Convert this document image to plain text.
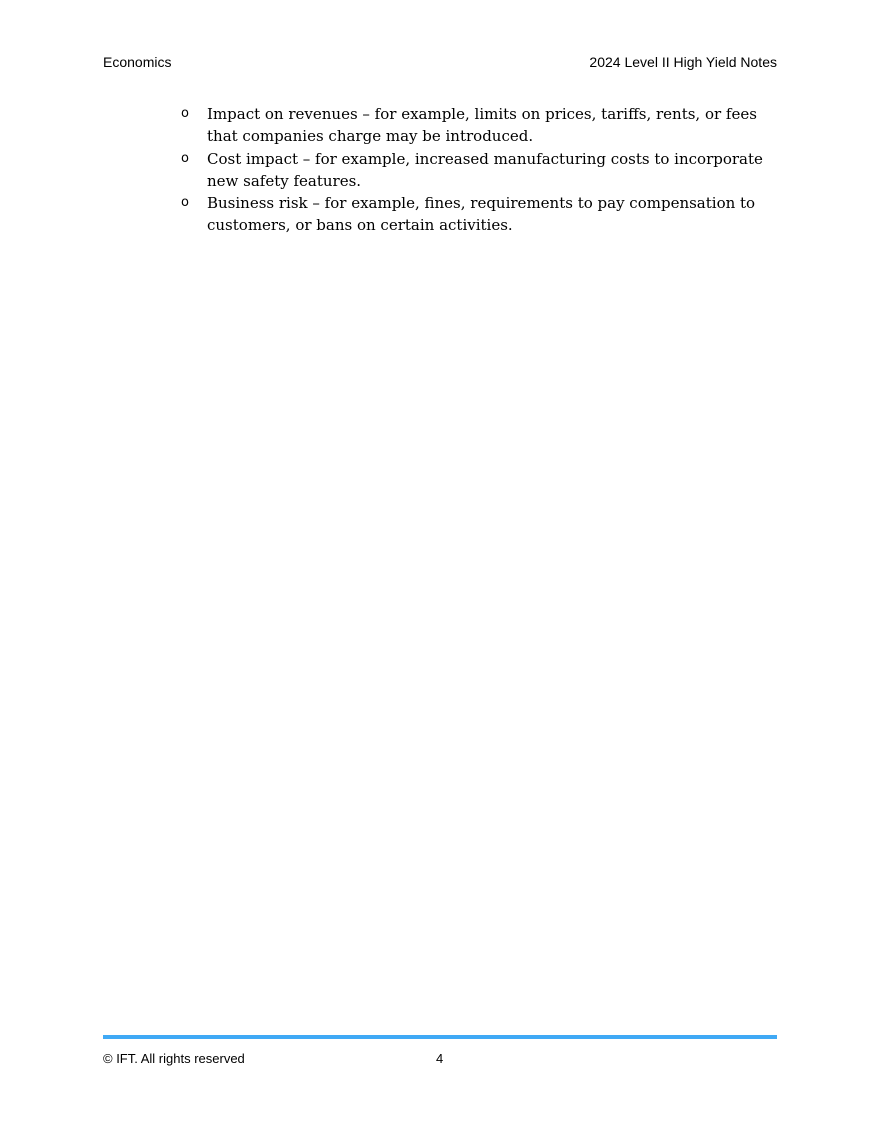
Economics	2024 Level II High Yield Notes
o Impact on revenues – for example, limits on prices, tariffs, rents, or fees that companies charge may be introduced.
o Cost impact – for example, increased manufacturing costs to incorporate new safety features.
o Business risk – for example, fines, requirements to pay compensation to customers, or bans on certain activities.
© IFT. All rights reserved	4
